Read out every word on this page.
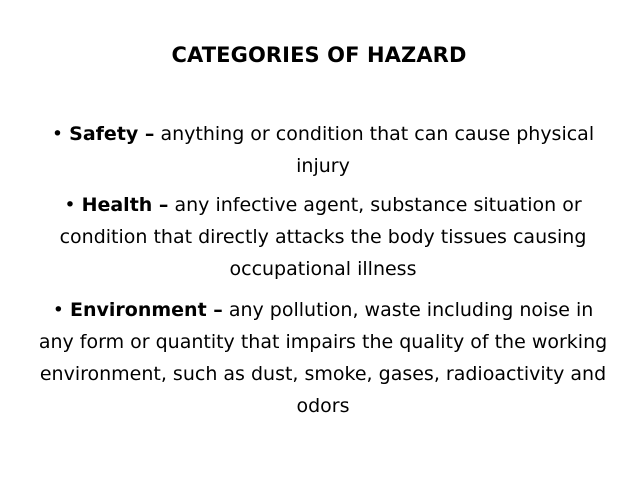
CATEGORIES OF HAZARD
• Safety – anything or condition that can cause physical injury
• Health – any infective agent, substance situation or condition that directly attacks the body tissues causing occupational illness
• Environment – any pollution, waste including noise in any form or quantity that impairs the quality of the working environment, such as dust, smoke, gases, radioactivity and odors
